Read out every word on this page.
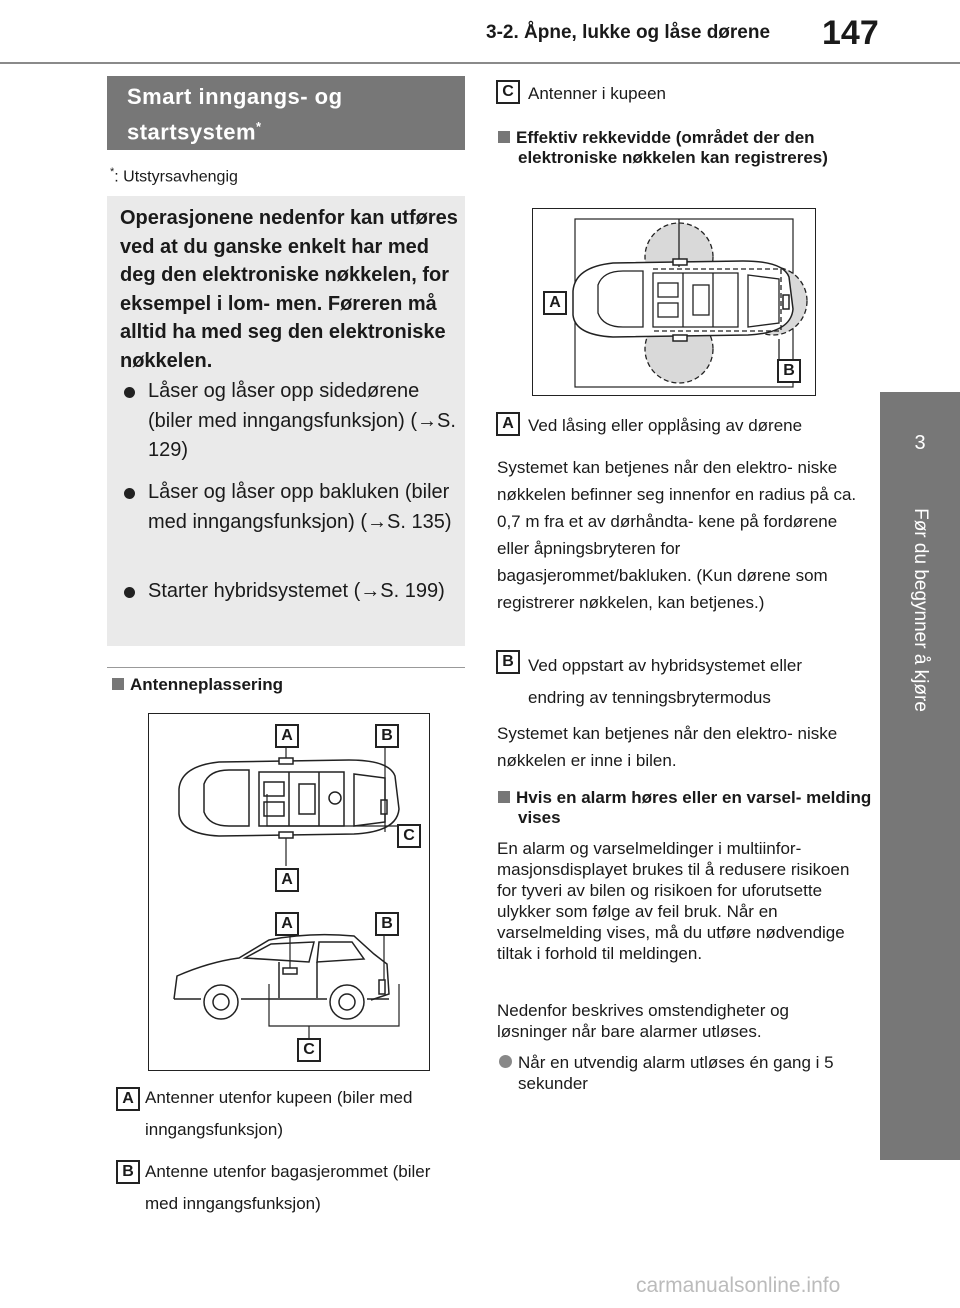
3-2. Åpne, lukke og låse dørene 147
3
Før du begynner å kjøre
Smart inngangs- og startsystem*
*: Utstyrsavhengig
Operasjonene nedenfor kan utføres ved at du ganske enkelt har med deg den elektroniske nøkkelen, for eksempel i lom- men. Føreren må alltid ha med seg den elektroniske nøkkelen.
Låser og låser opp sidedørene (biler med inngangsfunksjon) (→S. 129)
Låser og låser opp bakluken (biler med inngangsfunksjon) (→S. 135)
Starter hybridsystemet (→S. 199)
Antenneplassering
A	B
C
A
A	B
C
A Antenner utenfor kupeen (biler med inngangsfunksjon)
B Antenne utenfor bagasjerommet (biler med inngangsfunksjon)
C Antenner i kupeen
Effektiv rekkevidde (området der den elektroniske nøkkelen kan registreres)
A
B
A Ved låsing eller opplåsing av dørene
Systemet kan betjenes når den elektro- niske nøkkelen befinner seg innenfor en radius på ca. 0,7 m fra et av dørhåndta- kene på fordørene eller åpningsbryteren for bagasjerommet/bakluken. (Kun dørene som registrerer nøkkelen, kan betjenes.)
B Ved oppstart av hybridsystemet eller endring av tenningsbrytermodus
Systemet kan betjenes når den elektro- niske nøkkelen er inne i bilen.
Hvis en alarm høres eller en varsel- melding vises
En alarm og varselmeldinger i multiinfor- masjonsdisplayet brukes til å redusere risikoen for tyveri av bilen og risikoen for uforutsette ulykker som følge av feil bruk. Når en varselmelding vises, må du utføre nødvendige tiltak i forhold til meldingen.
Nedenfor beskrives omstendigheter og løsninger når bare alarmer utløses.
Når en utvendig alarm utløses én gang i 5 sekunder
carmanualsonline.info
